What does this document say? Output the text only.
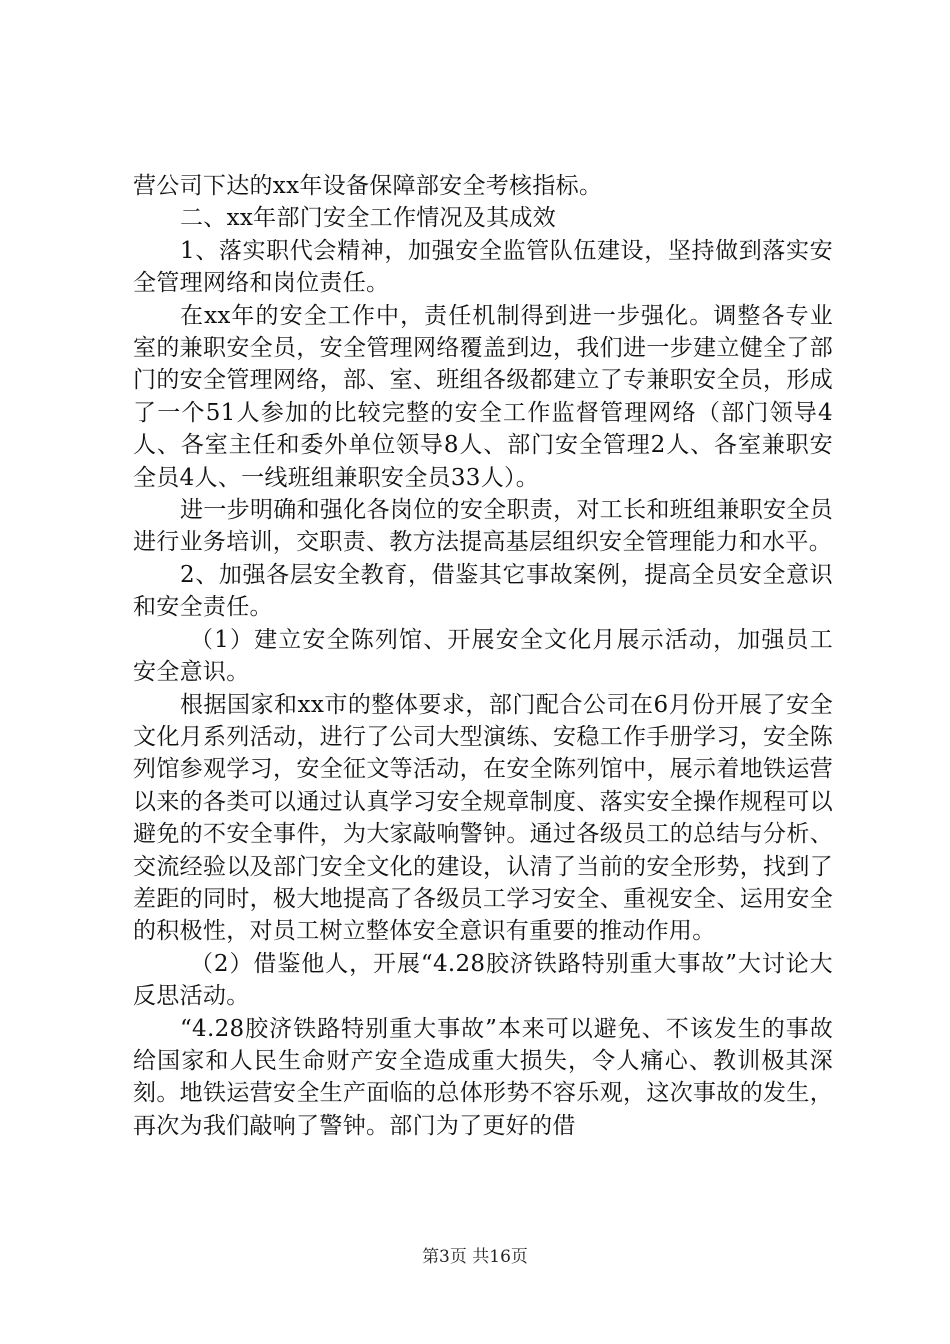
营公司下达的xx年设备保障部安全考核指标。

二、xx年部门安全工作情况及其成效

1、落实职代会精神，加强安全监管队伍建设，坚持做到落实安全管理网络和岗位责任。

在xx年的安全工作中，责任机制得到进一步强化。调整各专业室的兼职安全员，安全管理网络覆盖到边，我们进一步建立健全了部门的安全管理网络，部、室、班组各级都建立了专兼职安全员，形成了一个51人参加的比较完整的安全工作监督管理网络（部门领导4人、各室主任和委外单位领导8人、部门安全管理2人、各室兼职安全员4人、一线班组兼职安全员33人）。

进一步明确和强化各岗位的安全职责，对工长和班组兼职安全员进行业务培训，交职责、教方法提高基层组织安全管理能力和水平。

2、加强各层安全教育，借鉴其它事故案例，提高全员安全意识和安全责任。

（1）建立安全陈列馆、开展安全文化月展示活动，加强员工安全意识。

根据国家和xx市的整体要求，部门配合公司在6月份开展了安全文化月系列活动，进行了公司大型演练、安稳工作手册学习，安全陈列馆参观学习，安全征文等活动，在安全陈列馆中，展示着地铁运营以来的各类可以通过认真学习安全规章制度、落实安全操作规程可以避免的不安全事件，为大家敲响警钟。通过各级员工的总结与分析、交流经验以及部门安全文化的建设，认清了当前的安全形势，找到了差距的同时，极大地提高了各级员工学习安全、重视安全、运用安全的积极性，对员工树立整体安全意识有重要的推动作用。

（2）借鉴他人，开展“4.28胶济铁路特别重大事故”大讨论大反思活动。

“4.28胶济铁路特别重大事故”本来可以避免、不该发生的事故给国家和人民生命财产安全造成重大损失，令人痛心、教训极其深刻。地铁运营安全生产面临的总体形势不容乐观，这次事故的发生，再次为我们敲响了警钟。部门为了更好的借

第3页 共16页
